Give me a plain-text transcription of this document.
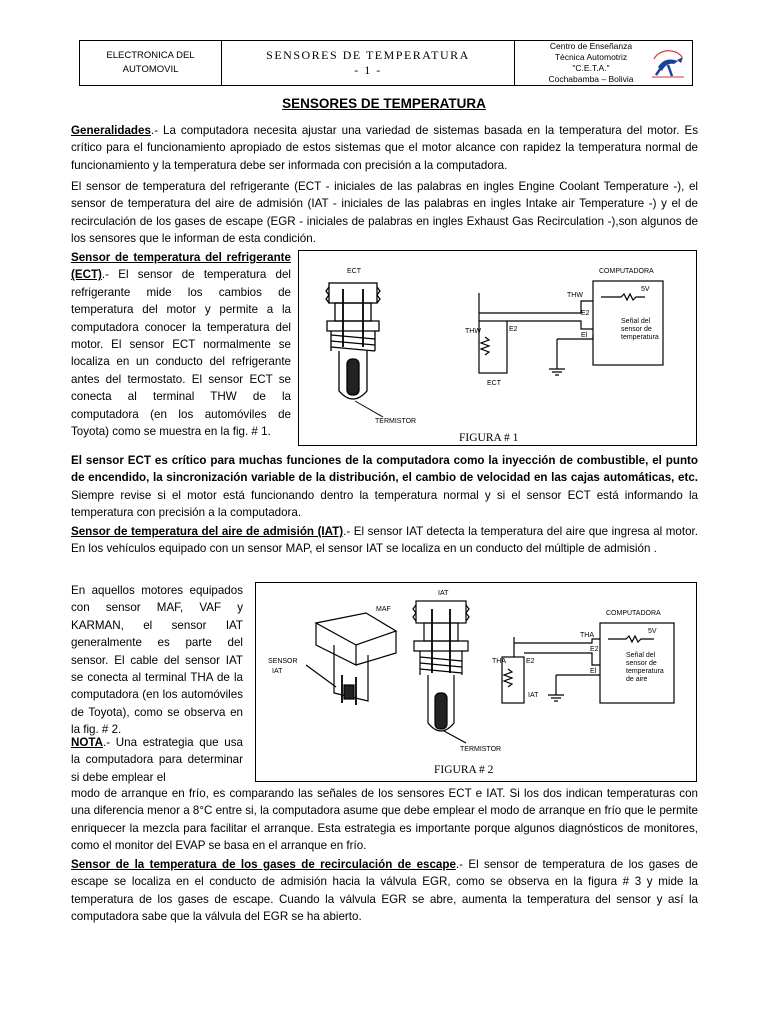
ELECTRONICA DEL
AUTOMOVIL
SENSORES DE TEMPERATURA
- 1 -
Centro de Enseñanza
Técnica Automotriz
"C.E.T.A."
Cochabamba – Bolivia
SENSORES DE TEMPERATURA

Generalidades.- La computadora necesita ajustar una variedad de sistemas basada en la temperatura del motor. Es crítico para el funcionamiento apropiado de estos sistemas que el motor alcance con rapidez la temperatura normal de funcionamiento y la temperatura debe ser informada con precisión a la computadora.

El sensor de temperatura del refrigerante (ECT - iniciales de las palabras en ingles Engine Coolant Temperature -), el sensor de temperatura del aire de admisión (IAT - iniciales de las palabras en ingles Intake air Temperature -) y el de recirculación de los gases de escape (EGR - iniciales de palabras en ingles Exhaust Gas Recirculation -),son algunos de los sensores que le informan de esta condición.

Sensor de temperatura del refrigerante (ECT).- El sensor de temperatura del refrigerante mide los cambios de temperatura del motor y permite a la computadora conocer la temperatura del motor. El sensor ECT normalmente se localiza en un conducto del refrigerante antes del termostato. El sensor ECT se conecta al terminal THW de la computadora (en los automóviles de Toyota) como se muestra en la fig. # 1.

ECT	COMPUTADORA
5V
THW
E2
El
Señal del
sensor de
temperatura
THW	E2
ECT
TERMISTOR
FIGURA # 1

El sensor ECT es crítico para muchas funciones de la computadora como la inyección de combustible, el punto de encendido, la sincronización variable de la distribución, el cambio de velocidad en las cajas automáticas, etc. Siempre revise si el motor está funcionando dentro la temperatura normal y si el sensor ECT está informando la temperatura con precisión a la computadora.

Sensor de temperatura del aire de admisión (IAT).- El sensor IAT detecta la temperatura del aire que ingresa al motor. En los vehículos equipado con un sensor MAP, el sensor IAT se localiza en un conducto del múltiple de admisión .

En aquellos motores equipados con sensor MAF, VAF y KARMAN, el sensor IAT generalmente es parte del sensor. El cable del sensor IAT se conecta al terminal THA de la computadora (en los automóviles de Toyota), como se observa en la fig. # 2.

NOTA.- Una estrategia que usa la computadora para determinar si debe emplear el

IAT
MAF
SENSOR
IAT
COMPUTADORA
5V
THA
E2
El
Señal del
sensor de
temperatura
de aire
THA	E2
IAT
TERMISTOR
FIGURA # 2

modo de arranque en frío, es comparando las señales de los sensores ECT e IAT. Si los dos indican temperaturas con una diferencia menor a 8°C entre si, la computadora asume que debe emplear el modo de arranque en frío que le permite enriquecer la mezcla para facilitar el arranque. Esta estrategia es importante porque algunos diagnósticos de monitores, como el monitor del EVAP se basa en el arranque en frío.

Sensor de la temperatura de los gases de recirculación de escape.- El sensor de temperatura de los gases de escape se localiza en el conducto de admisión hacia la válvula EGR, como se observa en la figura # 3 y mide la temperatura de los gases de escape. Cuando la válvula EGR se abre, aumenta la temperatura del sensor y así la computadora sabe que la válvula del EGR se ha abierto.
